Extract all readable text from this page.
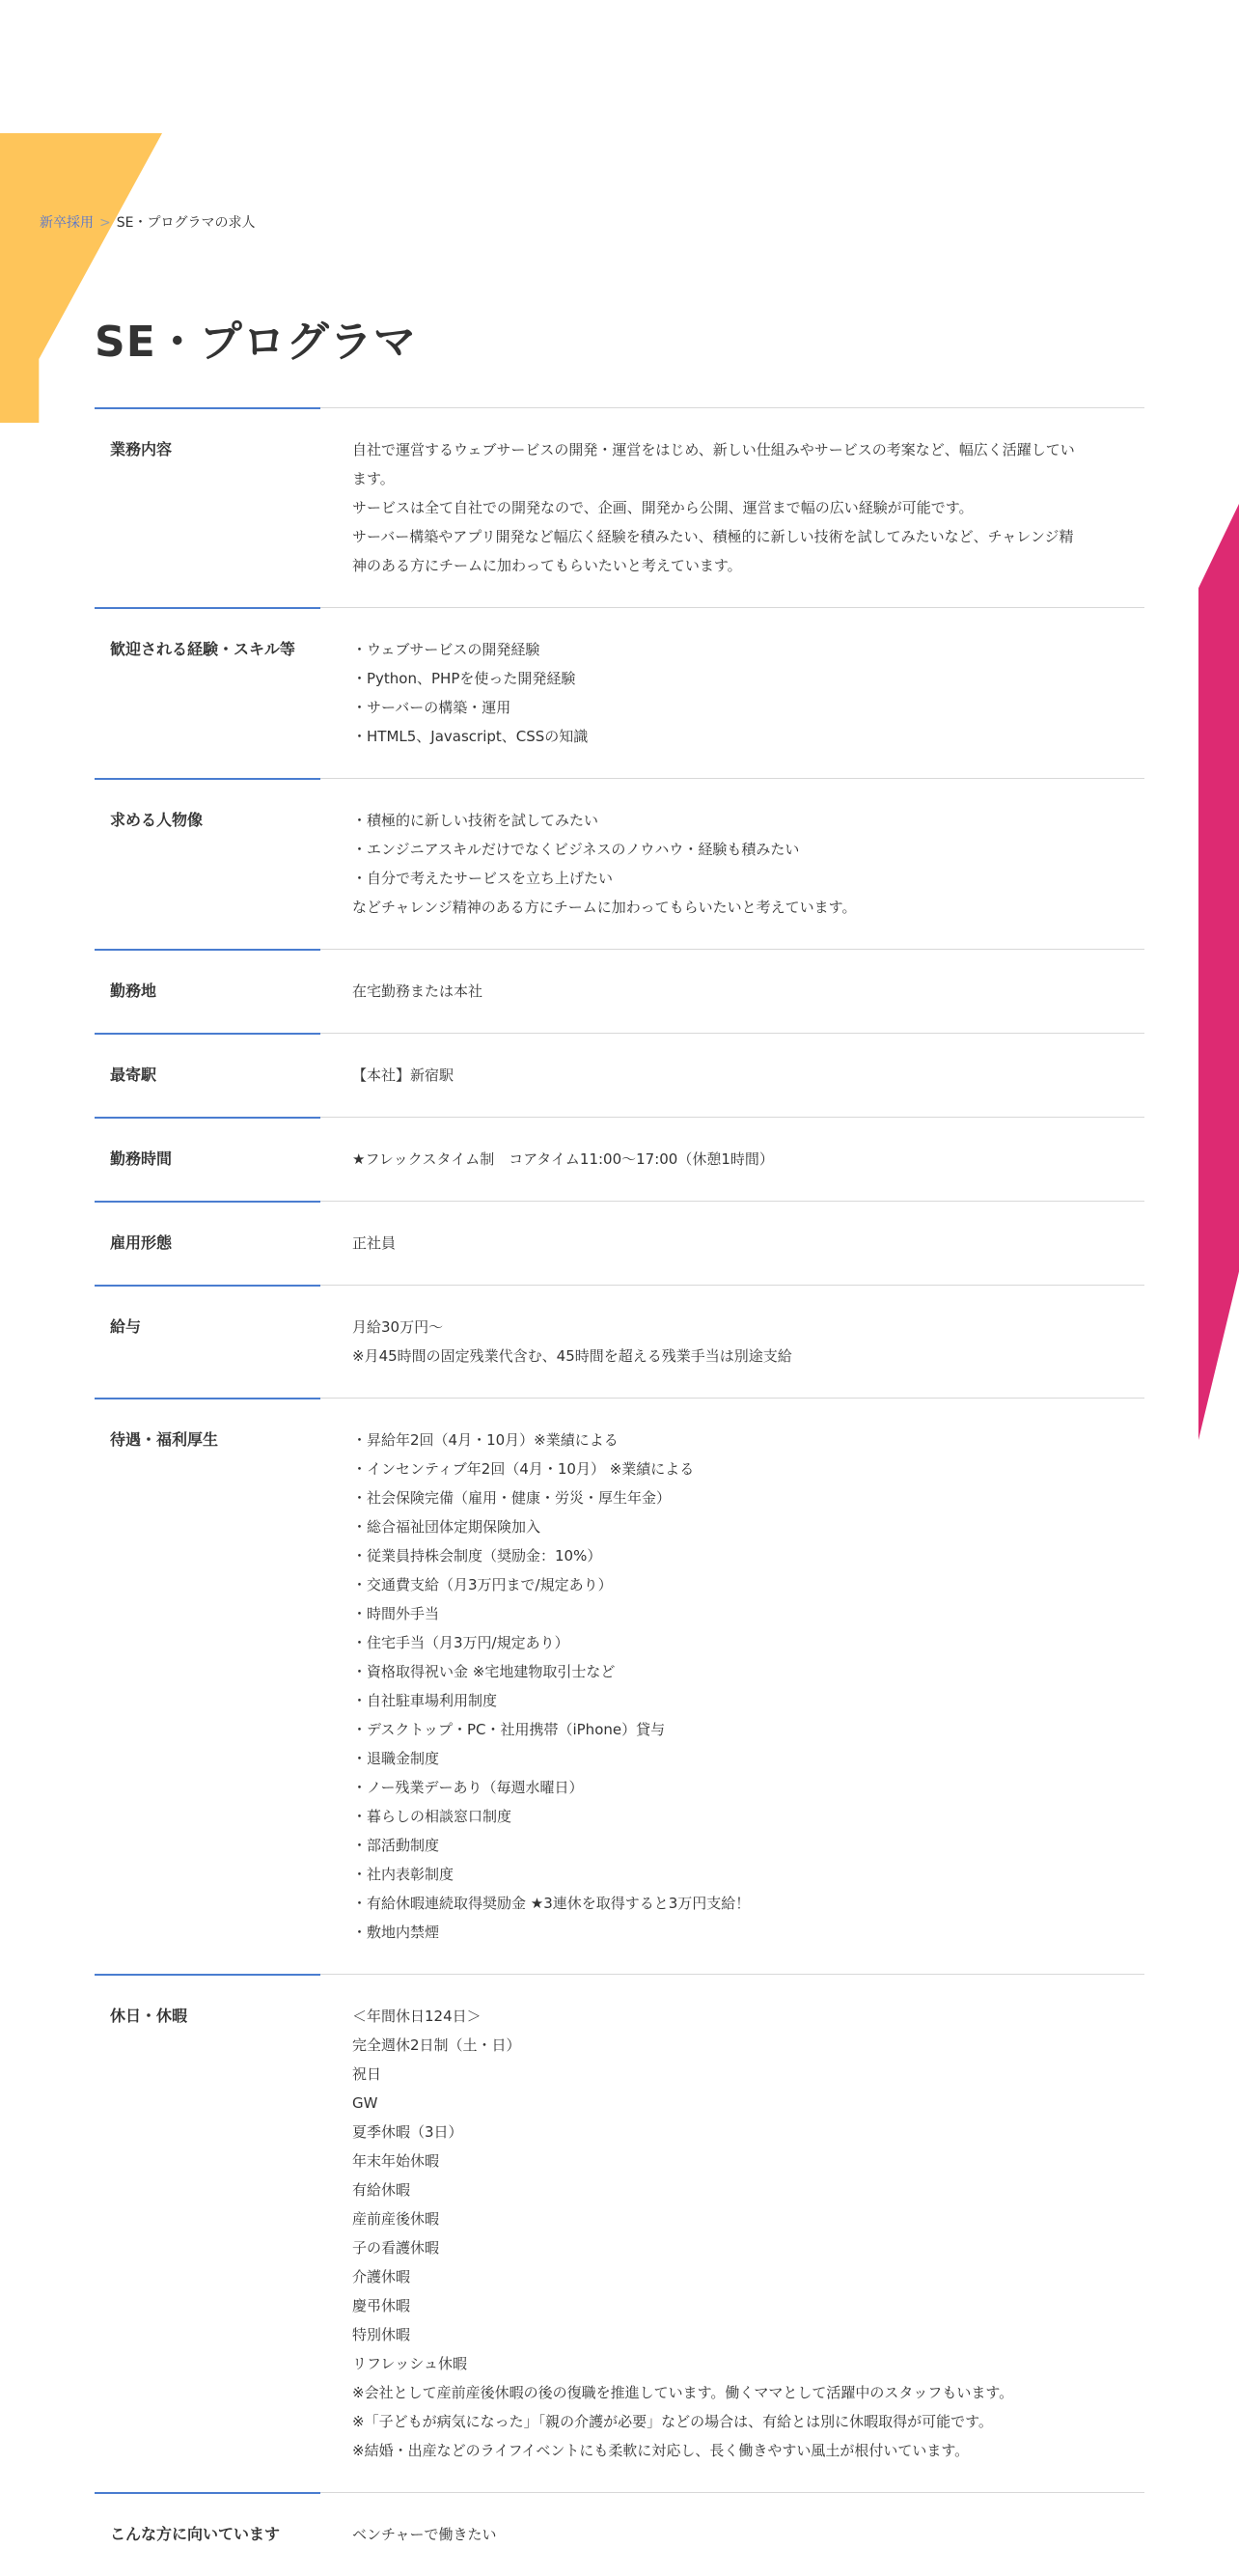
新卒採用 > SE・プログラマの求人
SE・プログラマ
業務内容	自社で運営するウェブサービスの開発・運営をはじめ、新しい仕組みやサービスの考案など、幅広く活躍してい
ます。
サービスは全て自社での開発なので、企画、開発から公開、運営まで幅の広い経験が可能です。
サーバー構築やアプリ開発など幅広く経験を積みたい、積極的に新しい技術を試してみたいなど、チャレンジ精
神のある方にチームに加わってもらいたいと考えています。
歓迎される経験・スキル等	・ウェブサービスの開発経験
・Python、PHPを使った開発経験
・サーバーの構築・運用
・HTML5、Javascript、CSSの知識
求める人物像	・積極的に新しい技術を試してみたい
・エンジニアスキルだけでなくビジネスのノウハウ・経験も積みたい
・自分で考えたサービスを立ち上げたい
などチャレンジ精神のある方にチームに加わってもらいたいと考えています。
勤務地	在宅勤務または本社
最寄駅	【本社】新宿駅
勤務時間	★フレックスタイム制　コアタイム11:00〜17:00（休憩1時間）
雇用形態	正社員
給与	月給30万円〜
※月45時間の固定残業代含む、45時間を超える残業手当は別途支給
待遇・福利厚生	・昇給年2回（4月・10月）※業績による
・インセンティブ年2回（4月・10月） ※業績による
・社会保険完備（雇用・健康・労災・厚生年金）
・総合福祉団体定期保険加入
・従業員持株会制度（奨励金：10%）
・交通費支給（月3万円まで/規定あり）
・時間外手当
・住宅手当（月3万円/規定あり）
・資格取得祝い金 ※宅地建物取引士など
・自社駐車場利用制度
・デスクトップ・PC・社用携帯（iPhone）貸与
・退職金制度
・ノー残業デーあり（毎週水曜日）
・暮らしの相談窓口制度
・部活動制度
・社内表彰制度
・有給休暇連続取得奨励金 ★3連休を取得すると3万円支給！
・敷地内禁煙
休日・休暇	＜年間休日124日＞
完全週休2日制（土・日）
祝日
GW
夏季休暇（3日）
年末年始休暇
有給休暇
産前産後休暇
子の看護休暇
介護休暇
慶弔休暇
特別休暇
リフレッシュ休暇
※会社として産前産後休暇の後の復職を推進しています。働くママとして活躍中のスタッフもいます。
※「子どもが病気になった」「親の介護が必要」などの場合は、有給とは別に休暇取得が可能です。
※結婚・出産などのライフイベントにも柔軟に対応し、長く働きやすい風土が根付いています。
こんな方に向いています	ベンチャーで働きたい
